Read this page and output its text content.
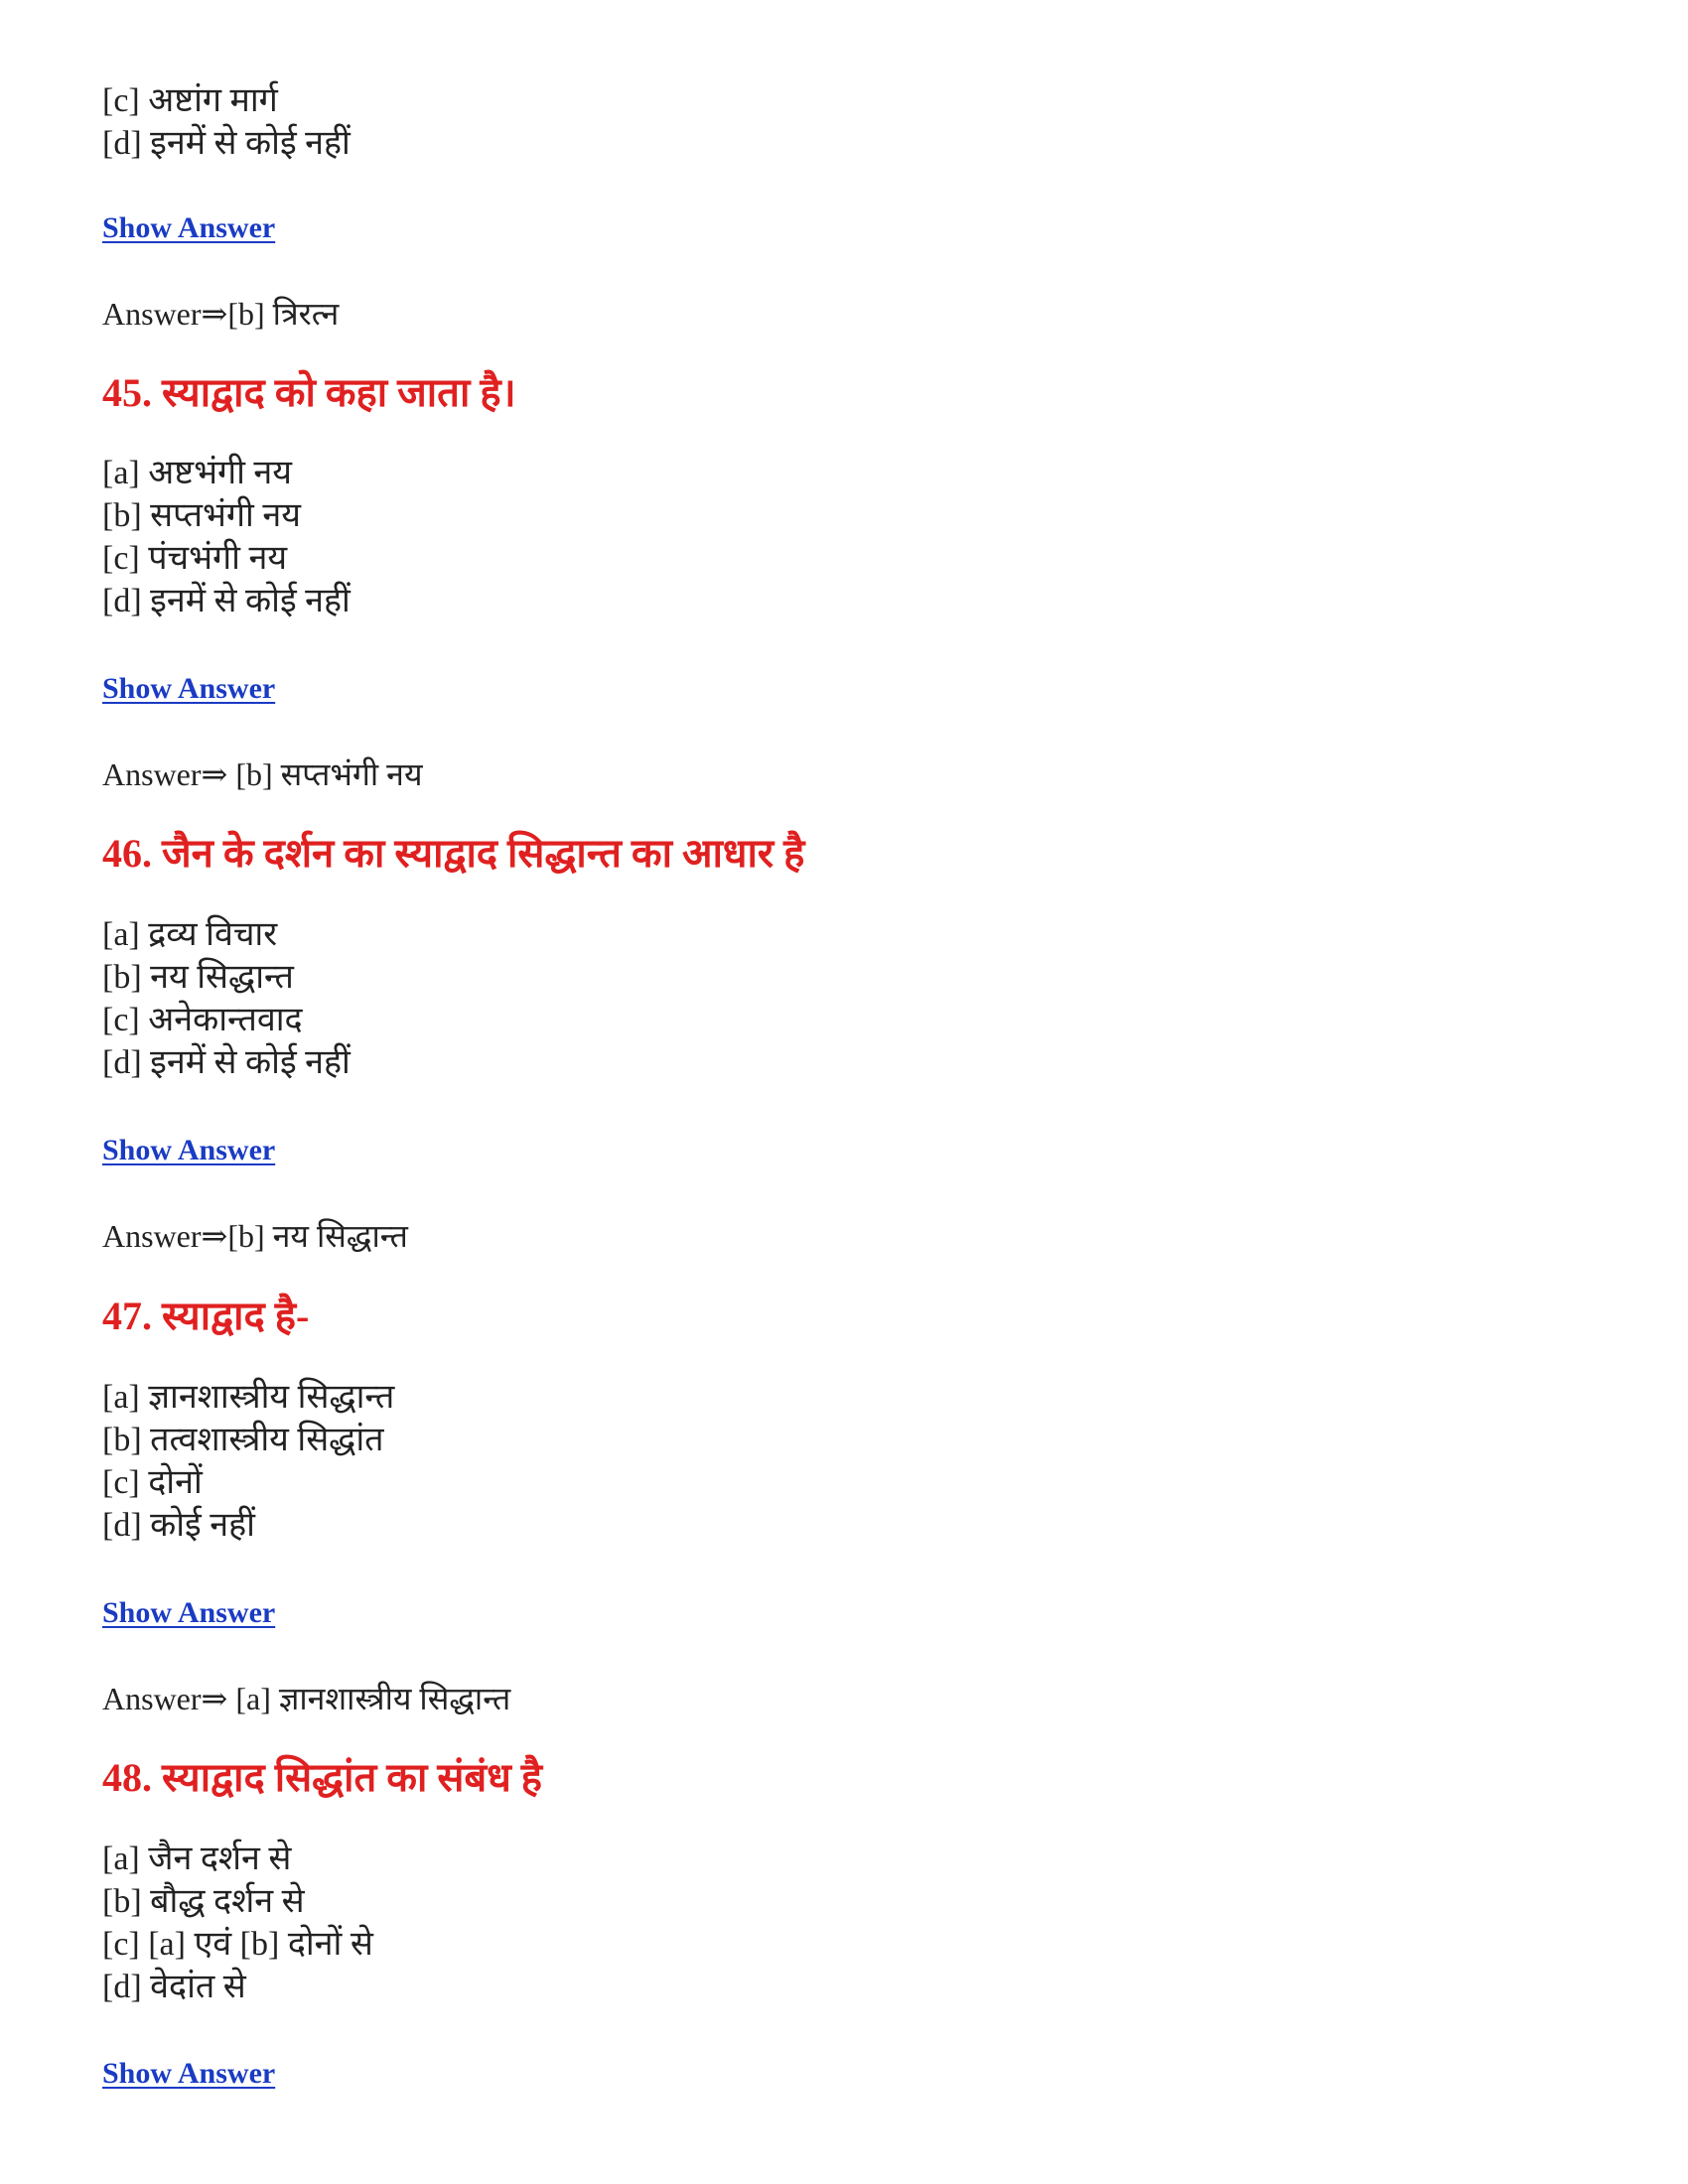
[c] अष्टांग मार्ग
[d] इनमें से कोई नहीं
Show Answer
Answer⇒[b] त्रिरत्न
45. स्याद्वाद को कहा जाता है।
[a] अष्टभंगी नय
[b] सप्तभंगी नय
[c] पंचभंगी नय
[d] इनमें से कोई नहीं
Show Answer
Answer⇒ [b] सप्तभंगी नय
46. जैन के दर्शन का स्याद्वाद सिद्धान्त का आधार है
[a] द्रव्य विचार
[b] नय सिद्धान्त
[c] अनेकान्तवाद
[d] इनमें से कोई नहीं
Show Answer
Answer⇒[b] नय सिद्धान्त
47. स्याद्वाद है-
[a] ज्ञानशास्त्रीय सिद्धान्त
[b] तत्वशास्त्रीय सिद्धांत
[c] दोनों
[d] कोई नहीं
Show Answer
Answer⇒ [a] ज्ञानशास्त्रीय सिद्धान्त
48. स्याद्वाद सिद्धांत का संबंध है
[a] जैन दर्शन से
[b] बौद्ध दर्शन से
[c] [a] एवं [b] दोनों से
[d] वेदांत से
Show Answer
